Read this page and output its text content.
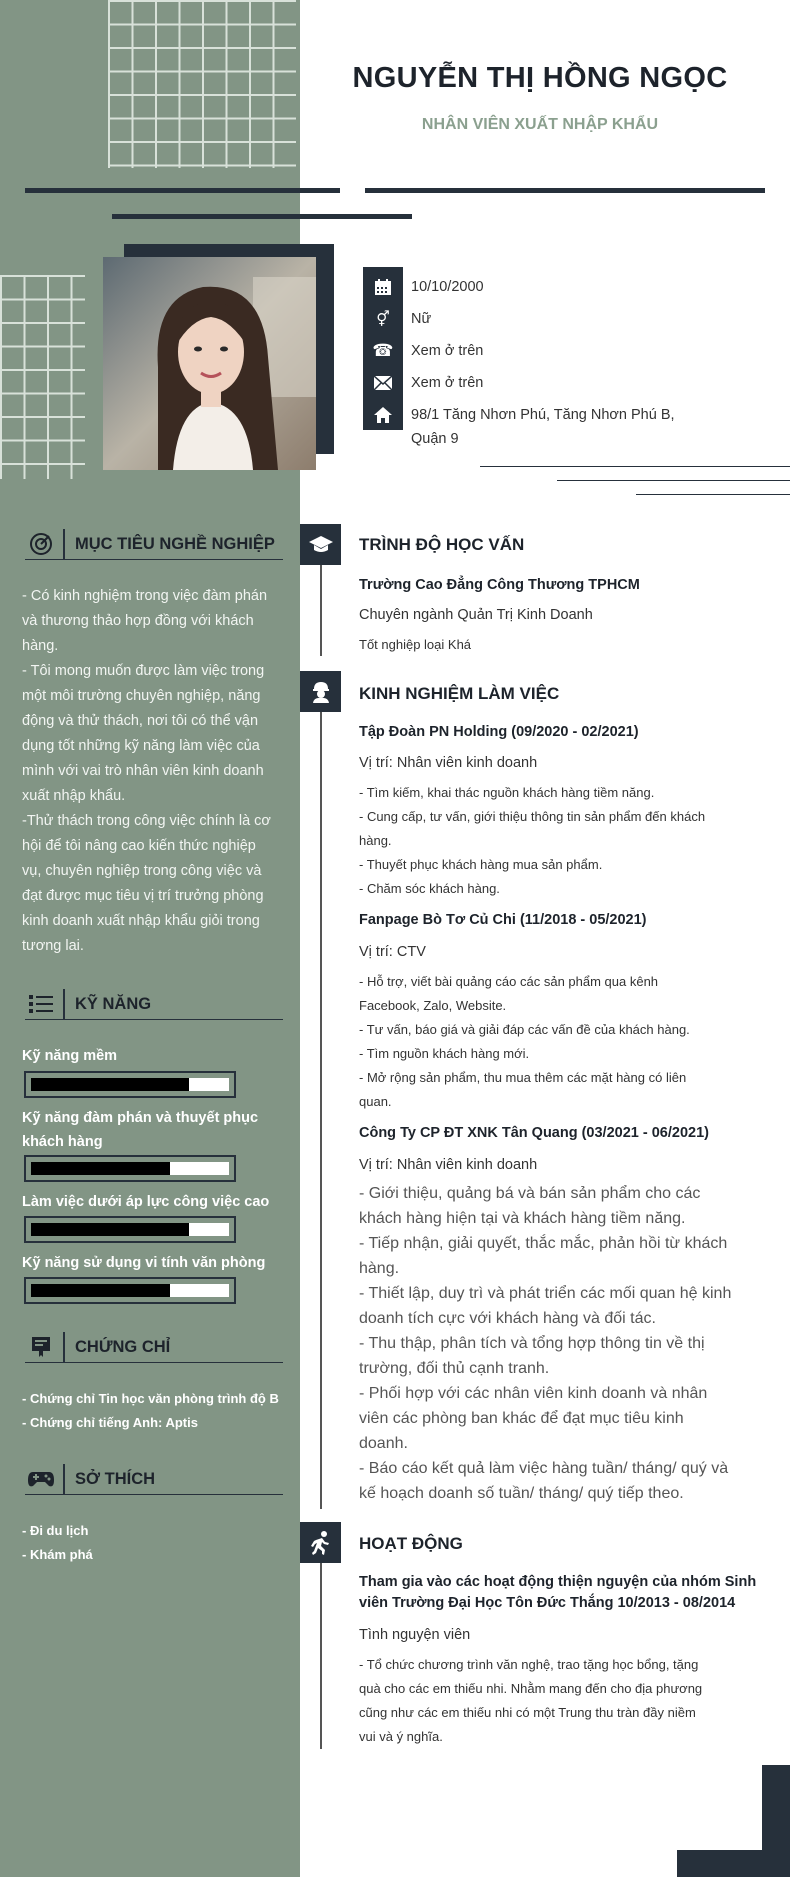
NGUYỄN THỊ HỒNG NGỌC
NHÂN VIÊN XUẤT NHẬP KHẨU
⚥
☎
10/10/2000
Nữ
Xem ở trên
Xem ở trên
98/1 Tăng Nhơn Phú, Tăng Nhơn Phú B,
Quận 9
MỤC TIÊU NGHỀ NGHIỆP
- Có kinh nghiệm trong việc đàm phán
và thương thảo hợp đồng với khách
hàng.
- Tôi mong muốn được làm việc trong
một môi trường chuyên nghiệp, năng
động và thử thách, nơi tôi có thể vận
dụng tốt những kỹ năng làm việc của
mình với vai trò nhân viên kinh doanh
xuất nhập khẩu.
-Thử thách trong công việc chính là cơ
hội để tôi nâng cao kiến thức nghiệp
vụ, chuyên nghiệp trong công việc và
đạt được mục tiêu vị trí trưởng phòng
kinh doanh xuất nhập khẩu giỏi trong
tương lai.
KỸ NĂNG
Kỹ năng mềm
Kỹ năng đàm phán và thuyết phục
khách hàng
Làm việc dưới áp lực công việc cao
Kỹ năng sử dụng vi tính văn phòng
CHỨNG CHỈ
- Chứng chỉ Tin học văn phòng trình độ B
- Chứng chỉ tiếng Anh: Aptis
SỞ THÍCH
- Đi du lịch
- Khám phá
TRÌNH ĐỘ HỌC VẤN
Trường Cao Đẳng Công Thương TPHCM
Chuyên ngành Quản Trị Kinh Doanh
Tốt nghiệp loại Khá
KINH NGHIỆM LÀM VIỆC
Tập Đoàn PN Holding (09/2020 - 02/2021)
Vị trí: Nhân viên kinh doanh
- Tìm kiếm, khai thác nguồn khách hàng tiềm năng.
- Cung cấp, tư vấn, giới thiệu thông tin sản phẩm đến khách
hàng.
- Thuyết phục khách hàng mua sản phẩm.
- Chăm sóc khách hàng.
Fanpage Bò Tơ Củ Chi (11/2018 - 05/2021)
Vị trí: CTV
- Hỗ trợ, viết bài quảng cáo các sản phẩm qua kênh
Facebook, Zalo, Website.
- Tư vấn, báo giá và giải đáp các vấn đề của khách hàng.
- Tìm nguồn khách hàng mới.
- Mở rộng sản phẩm, thu mua thêm các mặt hàng có liên
quan.
Công Ty CP ĐT XNK Tân Quang (03/2021 - 06/2021)
Vị trí: Nhân viên kinh doanh
- Giới thiệu, quảng bá và bán sản phẩm cho các
khách hàng hiện tại và khách hàng tiềm năng.
- Tiếp nhận, giải quyết, thắc mắc, phản hồi từ khách
hàng.
- Thiết lập, duy trì và phát triển các mối quan hệ kinh
doanh tích cực với khách hàng và đối tác.
- Thu thập, phân tích và tổng hợp thông tin về thị
trường, đối thủ cạnh tranh.
- Phối hợp với các nhân viên kinh doanh và nhân
viên các phòng ban khác để đạt mục tiêu kinh
doanh.
- Báo cáo kết quả làm việc hàng tuần/ tháng/ quý và
kế hoạch doanh số tuần/ tháng/ quý tiếp theo.
HOẠT ĐỘNG
Tham gia vào các hoạt động thiện nguyện của nhóm Sinh
viên Trường Đại Học Tôn Đức Thắng 10/2013 - 08/2014
Tình nguyện viên
- Tổ chức chương trình văn nghệ, trao tặng học bổng, tặng
quà cho các em thiếu nhi. Nhằm mang đến cho địa phương
cũng như các em thiếu nhi có một Trung thu tràn đầy niềm
vui và ý nghĩa.
